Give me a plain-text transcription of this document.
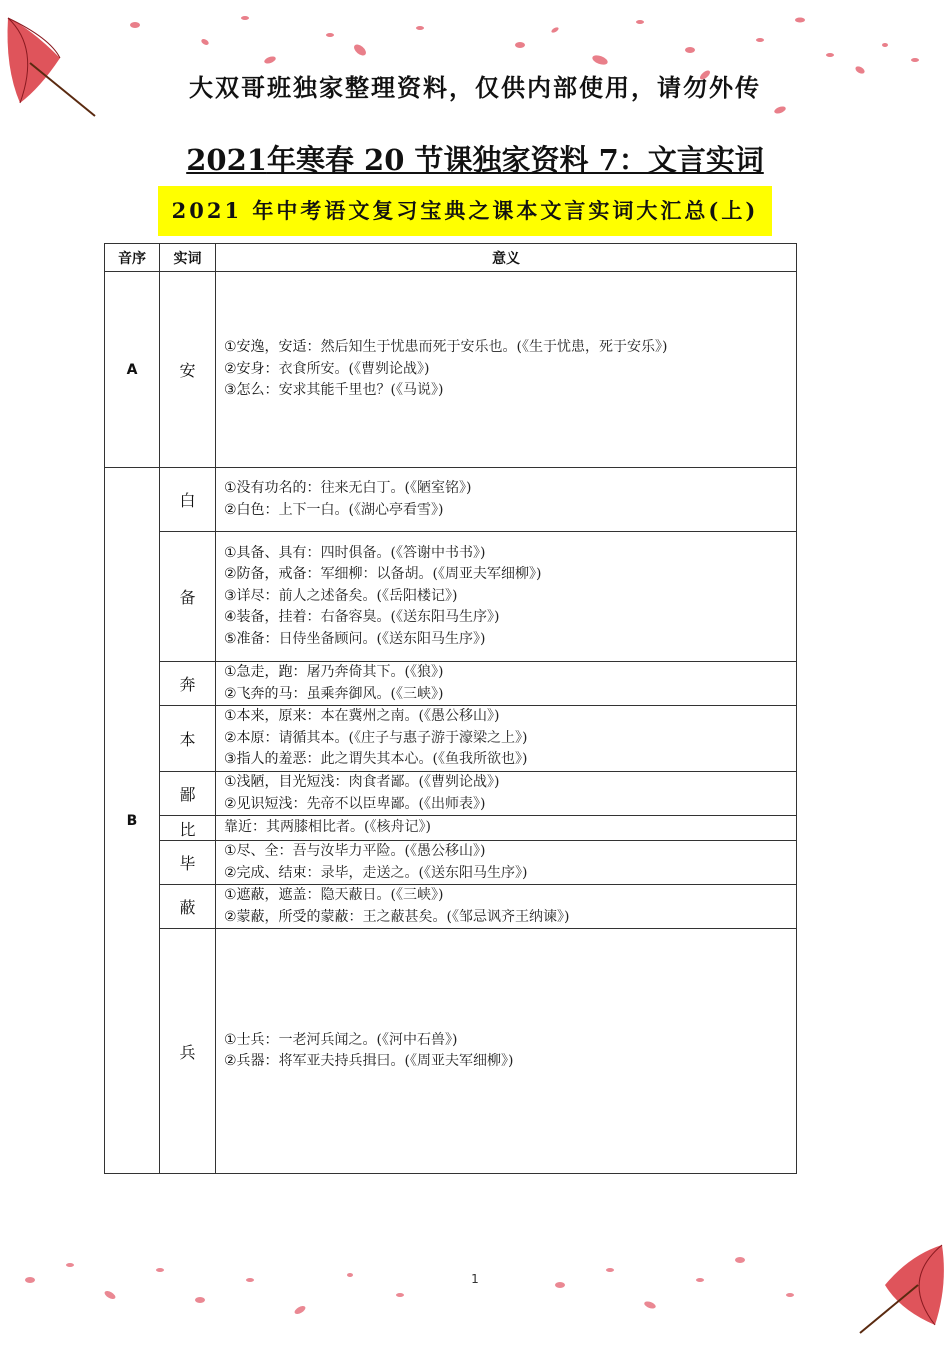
大双哥班独家整理资料，仅供内部使用，请勿外传
2021年寒春 20 节课独家资料 7：文言实词
2021 年中考语文复习宝典之课本文言实词大汇总(上)
音序	实词	意义
A	安	①安逸，安适：然后知生于忧患而死于安乐也。(《生于忧患，死于安乐》)
②安身：衣食所安。(《曹刿论战》)
③怎么：安求其能千里也？(《马说》)

B	白	①没有功名的：往来无白丁。(《陋室铭》)
②白色：上下一白。(《湖心亭看雪》)

	备	①具备、具有：四时俱备。(《答谢中书书》)
②防备，戒备：军细柳：以备胡。(《周亚夫军细柳》)
③详尽：前人之述备矣。(《岳阳楼记》)
④装备，挂着：右备容臭。(《送东阳马生序》)
⑤准备：日侍坐备顾问。(《送东阳马生序》)

	奔	①急走，跑：屠乃奔倚其下。(《狼》)
②飞奔的马：虽乘奔御风。(《三峡》)

	本	①本来，原来：本在冀州之南。(《愚公移山》)
②本原：请循其本。(《庄子与惠子游于濠梁之上》)
③指人的羞恶：此之谓失其本心。(《鱼我所欲也》)

	鄙	①浅陋，目光短浅：肉食者鄙。(《曹刿论战》)
②见识短浅：先帝不以臣卑鄙。(《出师表》)

	比	靠近：其两膝相比者。(《核舟记》)

	毕	①尽、全：吾与汝毕力平险。(《愚公移山》)
②完成、结束：录毕，走送之。(《送东阳马生序》)

	蔽	①遮蔽，遮盖：隐天蔽日。(《三峡》)
②蒙蔽，所受的蒙蔽：王之蔽甚矣。(《邹忌讽齐王纳谏》)

	兵	①士兵：一老河兵闻之。(《河中石兽》)
②兵器：将军亚夫持兵揖曰。(《周亚夫军细柳》)
1
